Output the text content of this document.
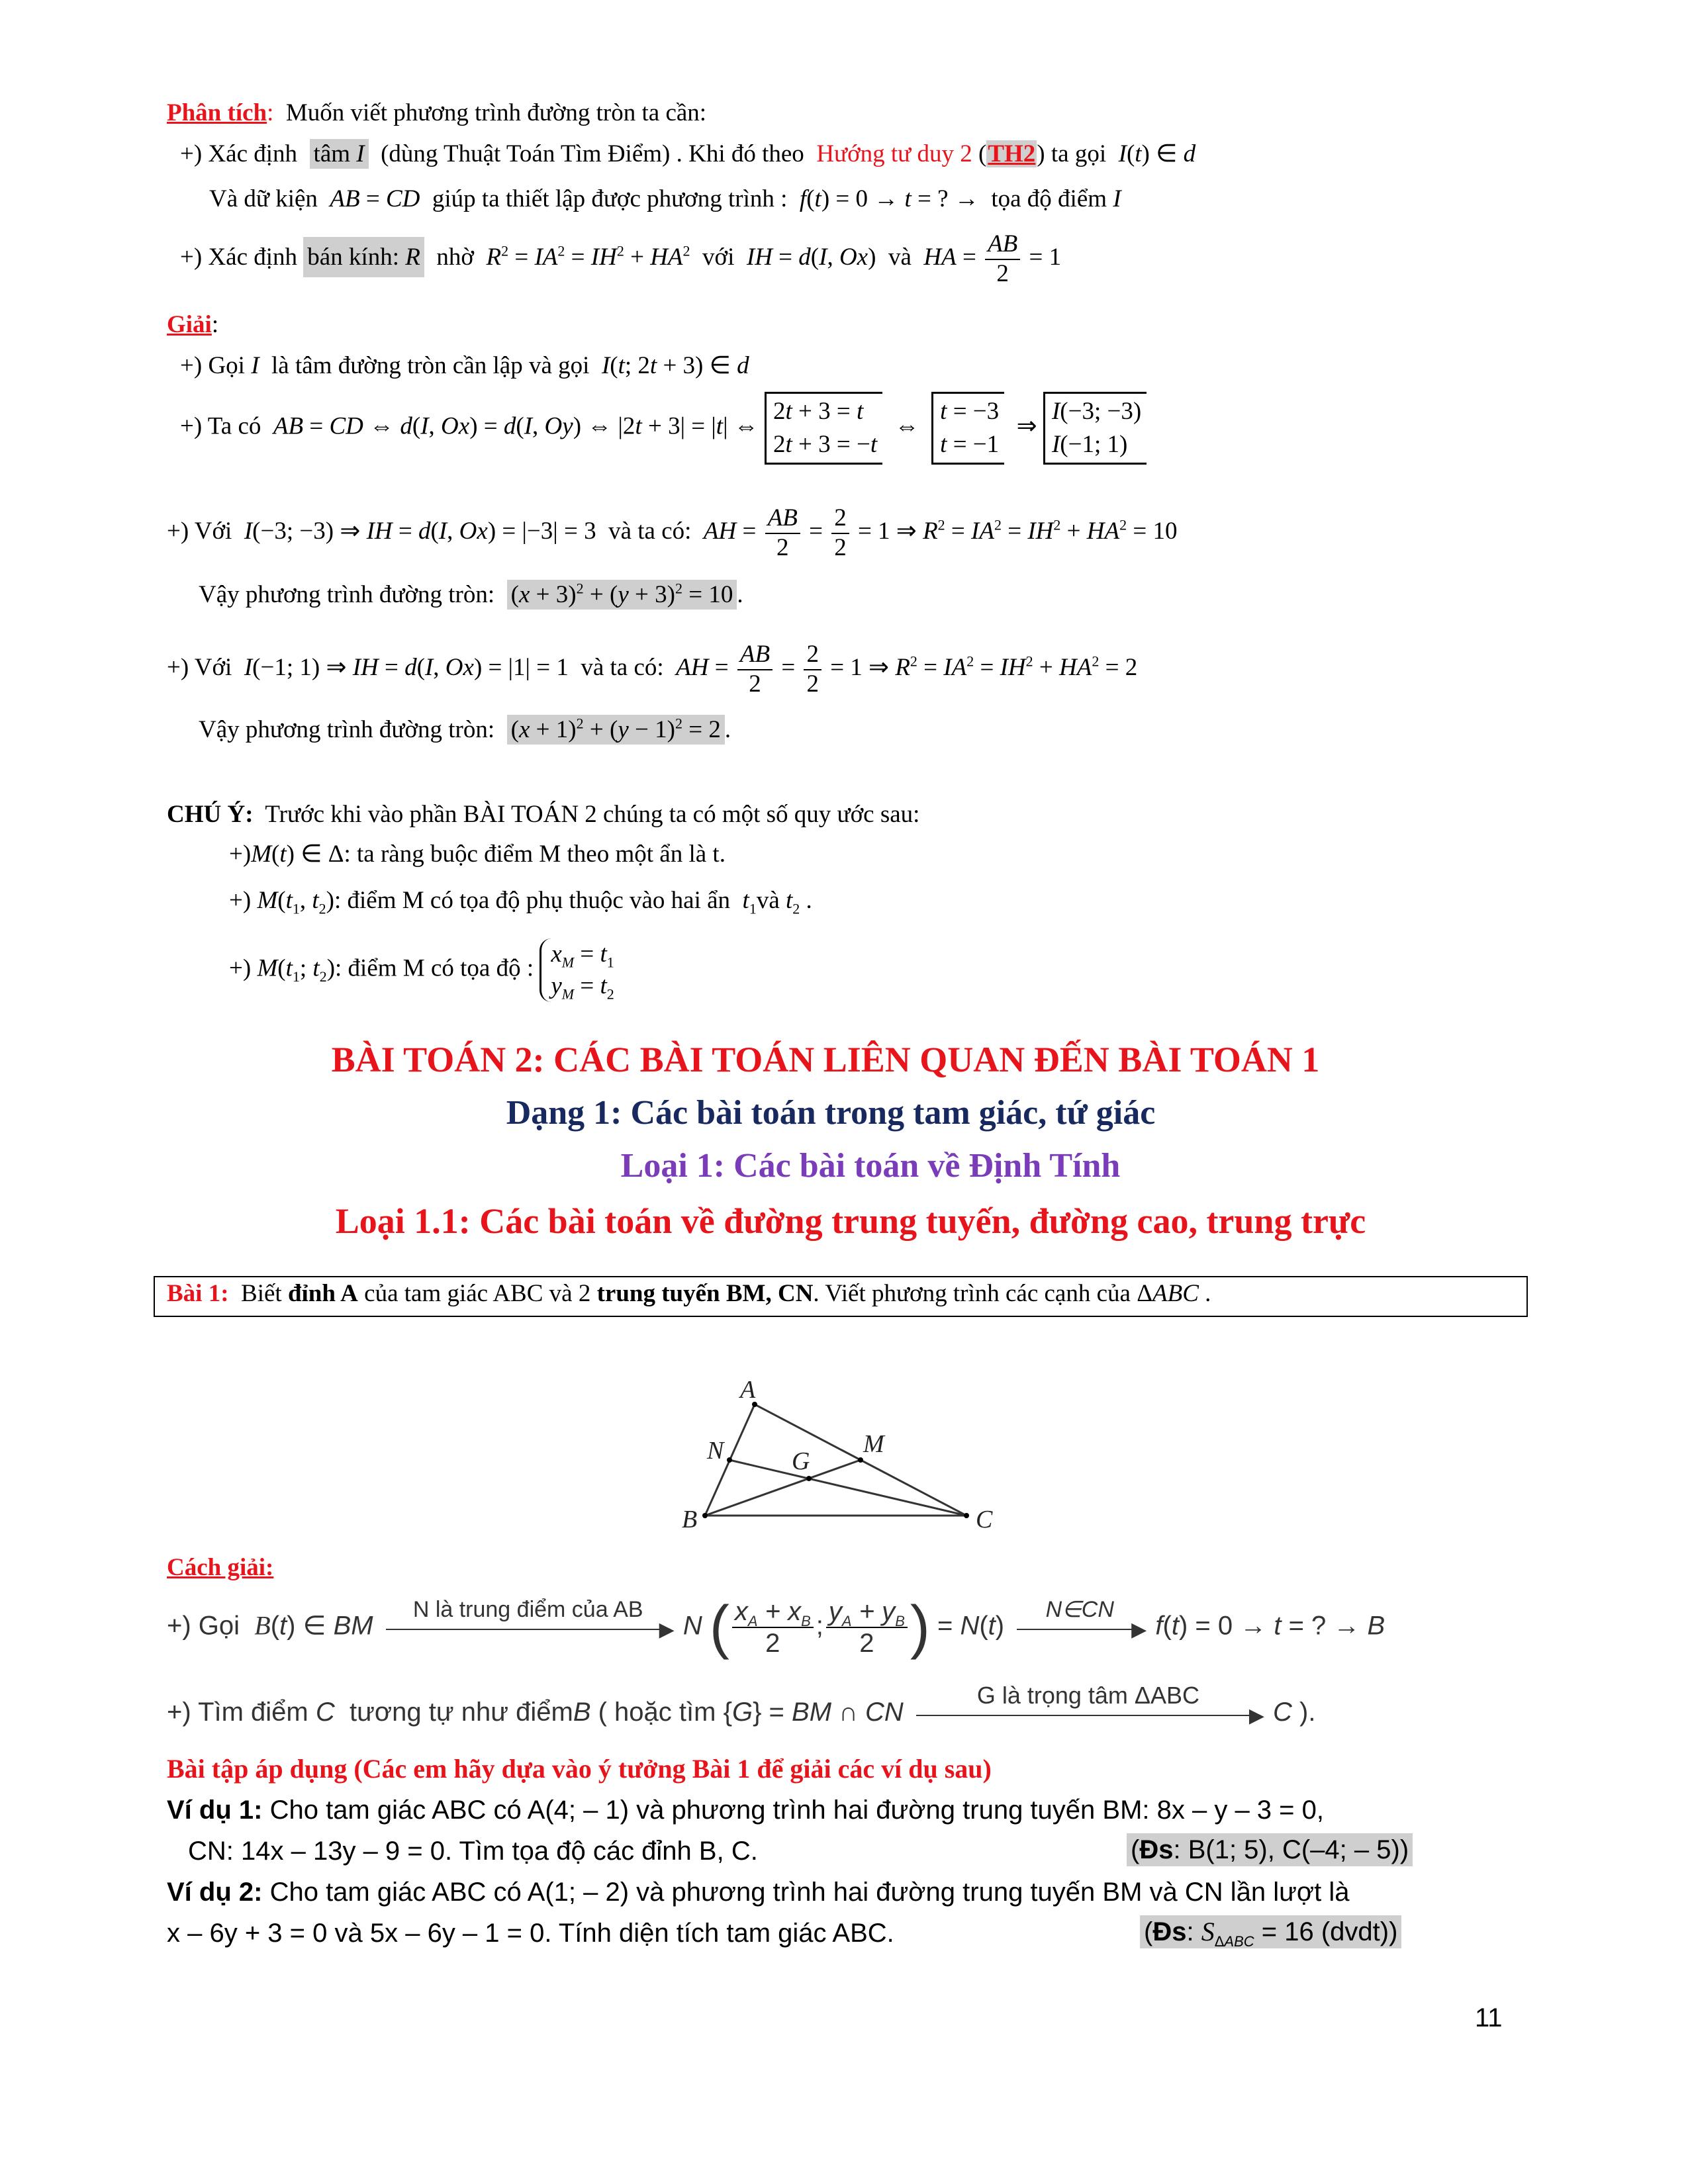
Phân tích: Muốn viết phương trình đường tròn ta cần:
+) Xác định tâm I (dùng Thuật Toán Tìm Điểm) . Khi đó theo Hướng tư duy 2 (TH2) ta gọi I(t) ∈ d
Và dữ kiện AB = CD giúp ta thiết lập được phương trình : f(t) = 0 → t = ? →  tọa độ điểm I
+) Xác định bán kính: R nhờ $R^2 = IA^2 = IH^2 + HA^2$ với IH = d(I, Ox)  và HA = $\frac{AB}{2} = 1$
Giải:
+) Gọi I là tâm đường tròn cần lập và gọi I(t; 2t + 3) ∈ d
+) Ta có AB = CD ⇔ d(I, Ox) = d(I, Oy) ⇔ |2t + 3| = |t| ⇔ 2t + 3 = t
2t + 3 = −t  ⇔  t = −3
t = −1  ⇒ I(−3; −3)
I(−1; 1)
+) Với I(−3; −3) ⇒ IH = d(I, Ox) = |−3| = 3  và ta có: AH = $\frac{AB}{2} = \frac{2}{2} = 1$ ⇒ $R^2 = IA^2 = IH^2 + HA^2 = 10$
Vậy phương trình đường tròn: $(x + 3)^2 + (y + 3)^2 = 10$ .
+) Với I(−1; 1) ⇒ IH = d(I, Ox) = |1| = 1  và ta có: AH = $\frac{AB}{2} = \frac{2}{2} = 1$ ⇒ $R^2 = IA^2 = IH^2 + HA^2 = 2$
Vậy phương trình đường tròn: $(x + 1)^2 + (y - 1)^2 = 2$ .
CHÚ Ý: Trước khi vào phần BÀI TOÁN 2 chúng ta có một số quy ước sau:
+)M(t) ∈ Δ: ta ràng buộc điểm M theo một ẩn là t.
+) $M(t_1$, $t_2$): điểm M có tọa độ phụ thuộc vào hai ẩn $t_1và$ $t_2$ .
+) $M(t_1$; $t_2$): điểm M có tọa độ : $x_M = t_1$
$y_M = t_2$
BÀI TOÁN 2: CÁC BÀI TOÁN LIÊN QUAN ĐẾN BÀI TOÁN 1
Dạng 1: Các bài toán trong tam giác, tứ giác
Loại 1: Các bài toán về Định Tính
Loại 1.1: Các bài toán về đường trung tuyến, đường cao, trung trực
Bài 1: Biết đỉnh A của tam giác ABC và 2 trung tuyến BM, CN. Viết phương trình các cạnh của ΔABC .
A
B	C
M
N	G
Cách giải:
+) Gọi B(t) ∈ BM
N là trung điểm của AB
▶ N ( $\frac{x_A + x_B}{2}$ ; $\frac{y_A + y_B}{2}$ ) = N(t)
N∈CN
▶ f(t) = 0 → t = ? → B
+) Tìm điểm C tương tự như điểmB ( hoặc tìm {G} = BM ∩ CN
G là trọng tâm ΔABC
▶ C ).
Bài tập áp dụng (Các em hãy dựa vào ý tưởng Bài 1 để giải các ví dụ sau)
Ví dụ 1: Cho tam giác ABC có A(4; – 1) và phương trình hai đường trung tuyến BM: 8x – y – 3 = 0,
CN: 14x – 13y – 9 = 0. Tìm tọa độ các đỉnh B, C.	(Đs: B(1; 5), C(–4; – 5))
Ví dụ 2: Cho tam giác ABC có A(1; – 2) và phương trình hai đường trung tuyến BM và CN lần lượt là
x – 6y + 3 = 0 và 5x – 6y – 1 = 0. Tính diện tích tam giác ABC.	(Đs: $S_{\Delta ABC} = 16$ (dvdt))
11
